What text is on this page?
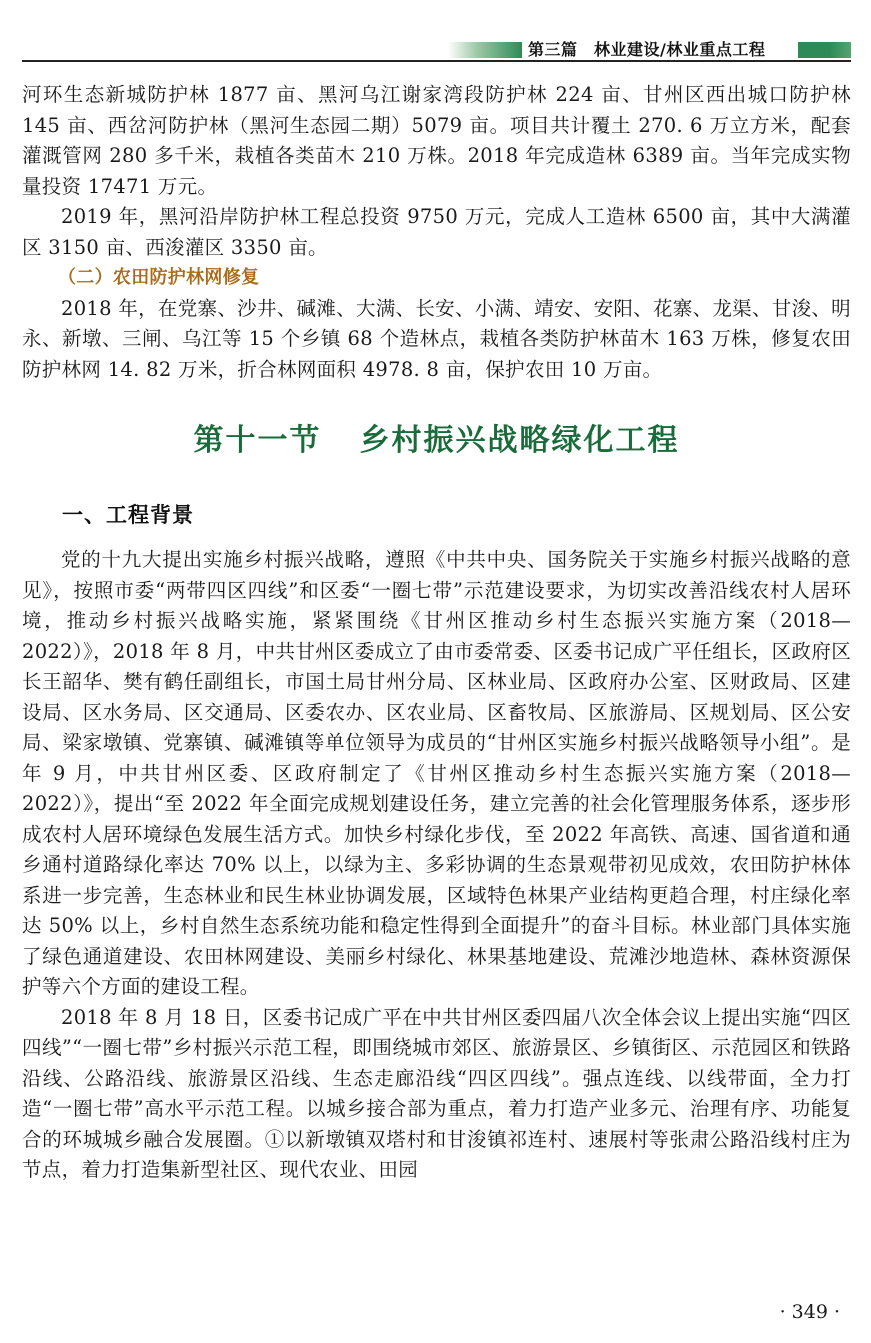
第三篇　林业建设/林业重点工程

河环生态新城防护林 1877 亩、黑河乌江谢家湾段防护林 224 亩、甘州区西出城口防护林 145 亩、西岔河防护林（黑河生态园二期）5079 亩。项目共计覆土 270. 6 万立方米，配套灌溉管网 280 多千米，栽植各类苗木 210 万株。2018 年完成造林 6389 亩。当年完成实物量投资 17471 万元。

2019 年，黑河沿岸防护林工程总投资 9750 万元，完成人工造林 6500 亩，其中大满灌区 3150 亩、西浚灌区 3350 亩。

（二）农田防护林网修复

2018 年，在党寨、沙井、碱滩、大满、长安、小满、靖安、安阳、花寨、龙渠、甘浚、明永、新墩、三闸、乌江等 15 个乡镇 68 个造林点，栽植各类防护林苗木 163 万株，修复农田防护林网 14. 82 万米，折合林网面积 4978. 8 亩，保护农田 10 万亩。

第十一节 乡村振兴战略绿化工程
一、工程背景

党的十九大提出实施乡村振兴战略，遵照《中共中央、国务院关于实施乡村振兴战略的意见》，按照市委“两带四区四线”和区委“一圈七带”示范建设要求，为切实改善沿线农村人居环境，推动乡村振兴战略实施，紧紧围绕《甘州区推动乡村生态振兴实施方案（2018—2022）》，2018 年 8 月，中共甘州区委成立了由市委常委、区委书记成广平任组长，区政府区长王韶华、樊有鹤任副组长，市国土局甘州分局、区林业局、区政府办公室、区财政局、区建设局、区水务局、区交通局、区委农办、区农业局、区畜牧局、区旅游局、区规划局、区公安局、梁家墩镇、党寨镇、碱滩镇等单位领导为成员的“甘州区实施乡村振兴战略领导小组”。是年 9 月，中共甘州区委、区政府制定了《甘州区推动乡村生态振兴实施方案（2018—2022）》，提出“至 2022 年全面完成规划建设任务，建立完善的社会化管理服务体系，逐步形成农村人居环境绿色发展生活方式。加快乡村绿化步伐，至 2022 年高铁、高速、国省道和通乡通村道路绿化率达 70% 以上，以绿为主、多彩协调的生态景观带初见成效，农田防护林体系进一步完善，生态林业和民生林业协调发展，区域特色林果产业结构更趋合理，村庄绿化率达 50% 以上，乡村自然生态系统功能和稳定性得到全面提升”的奋斗目标。林业部门具体实施了绿色通道建设、农田林网建设、美丽乡村绿化、林果基地建设、荒滩沙地造林、森林资源保护等六个方面的建设工程。

2018 年 8 月 18 日，区委书记成广平在中共甘州区委四届八次全体会议上提出实施“四区四线”“一圈七带”乡村振兴示范工程，即围绕城市郊区、旅游景区、乡镇街区、示范园区和铁路沿线、公路沿线、旅游景区沿线、生态走廊沿线“四区四线”。强点连线、以线带面，全力打造“一圈七带”高水平示范工程。以城乡接合部为重点，着力打造产业多元、治理有序、功能复合的环城城乡融合发展圈。①以新墩镇双塔村和甘浚镇祁连村、速展村等张肃公路沿线村庄为节点，着力打造集新型社区、现代农业、田园

· 349 ·
